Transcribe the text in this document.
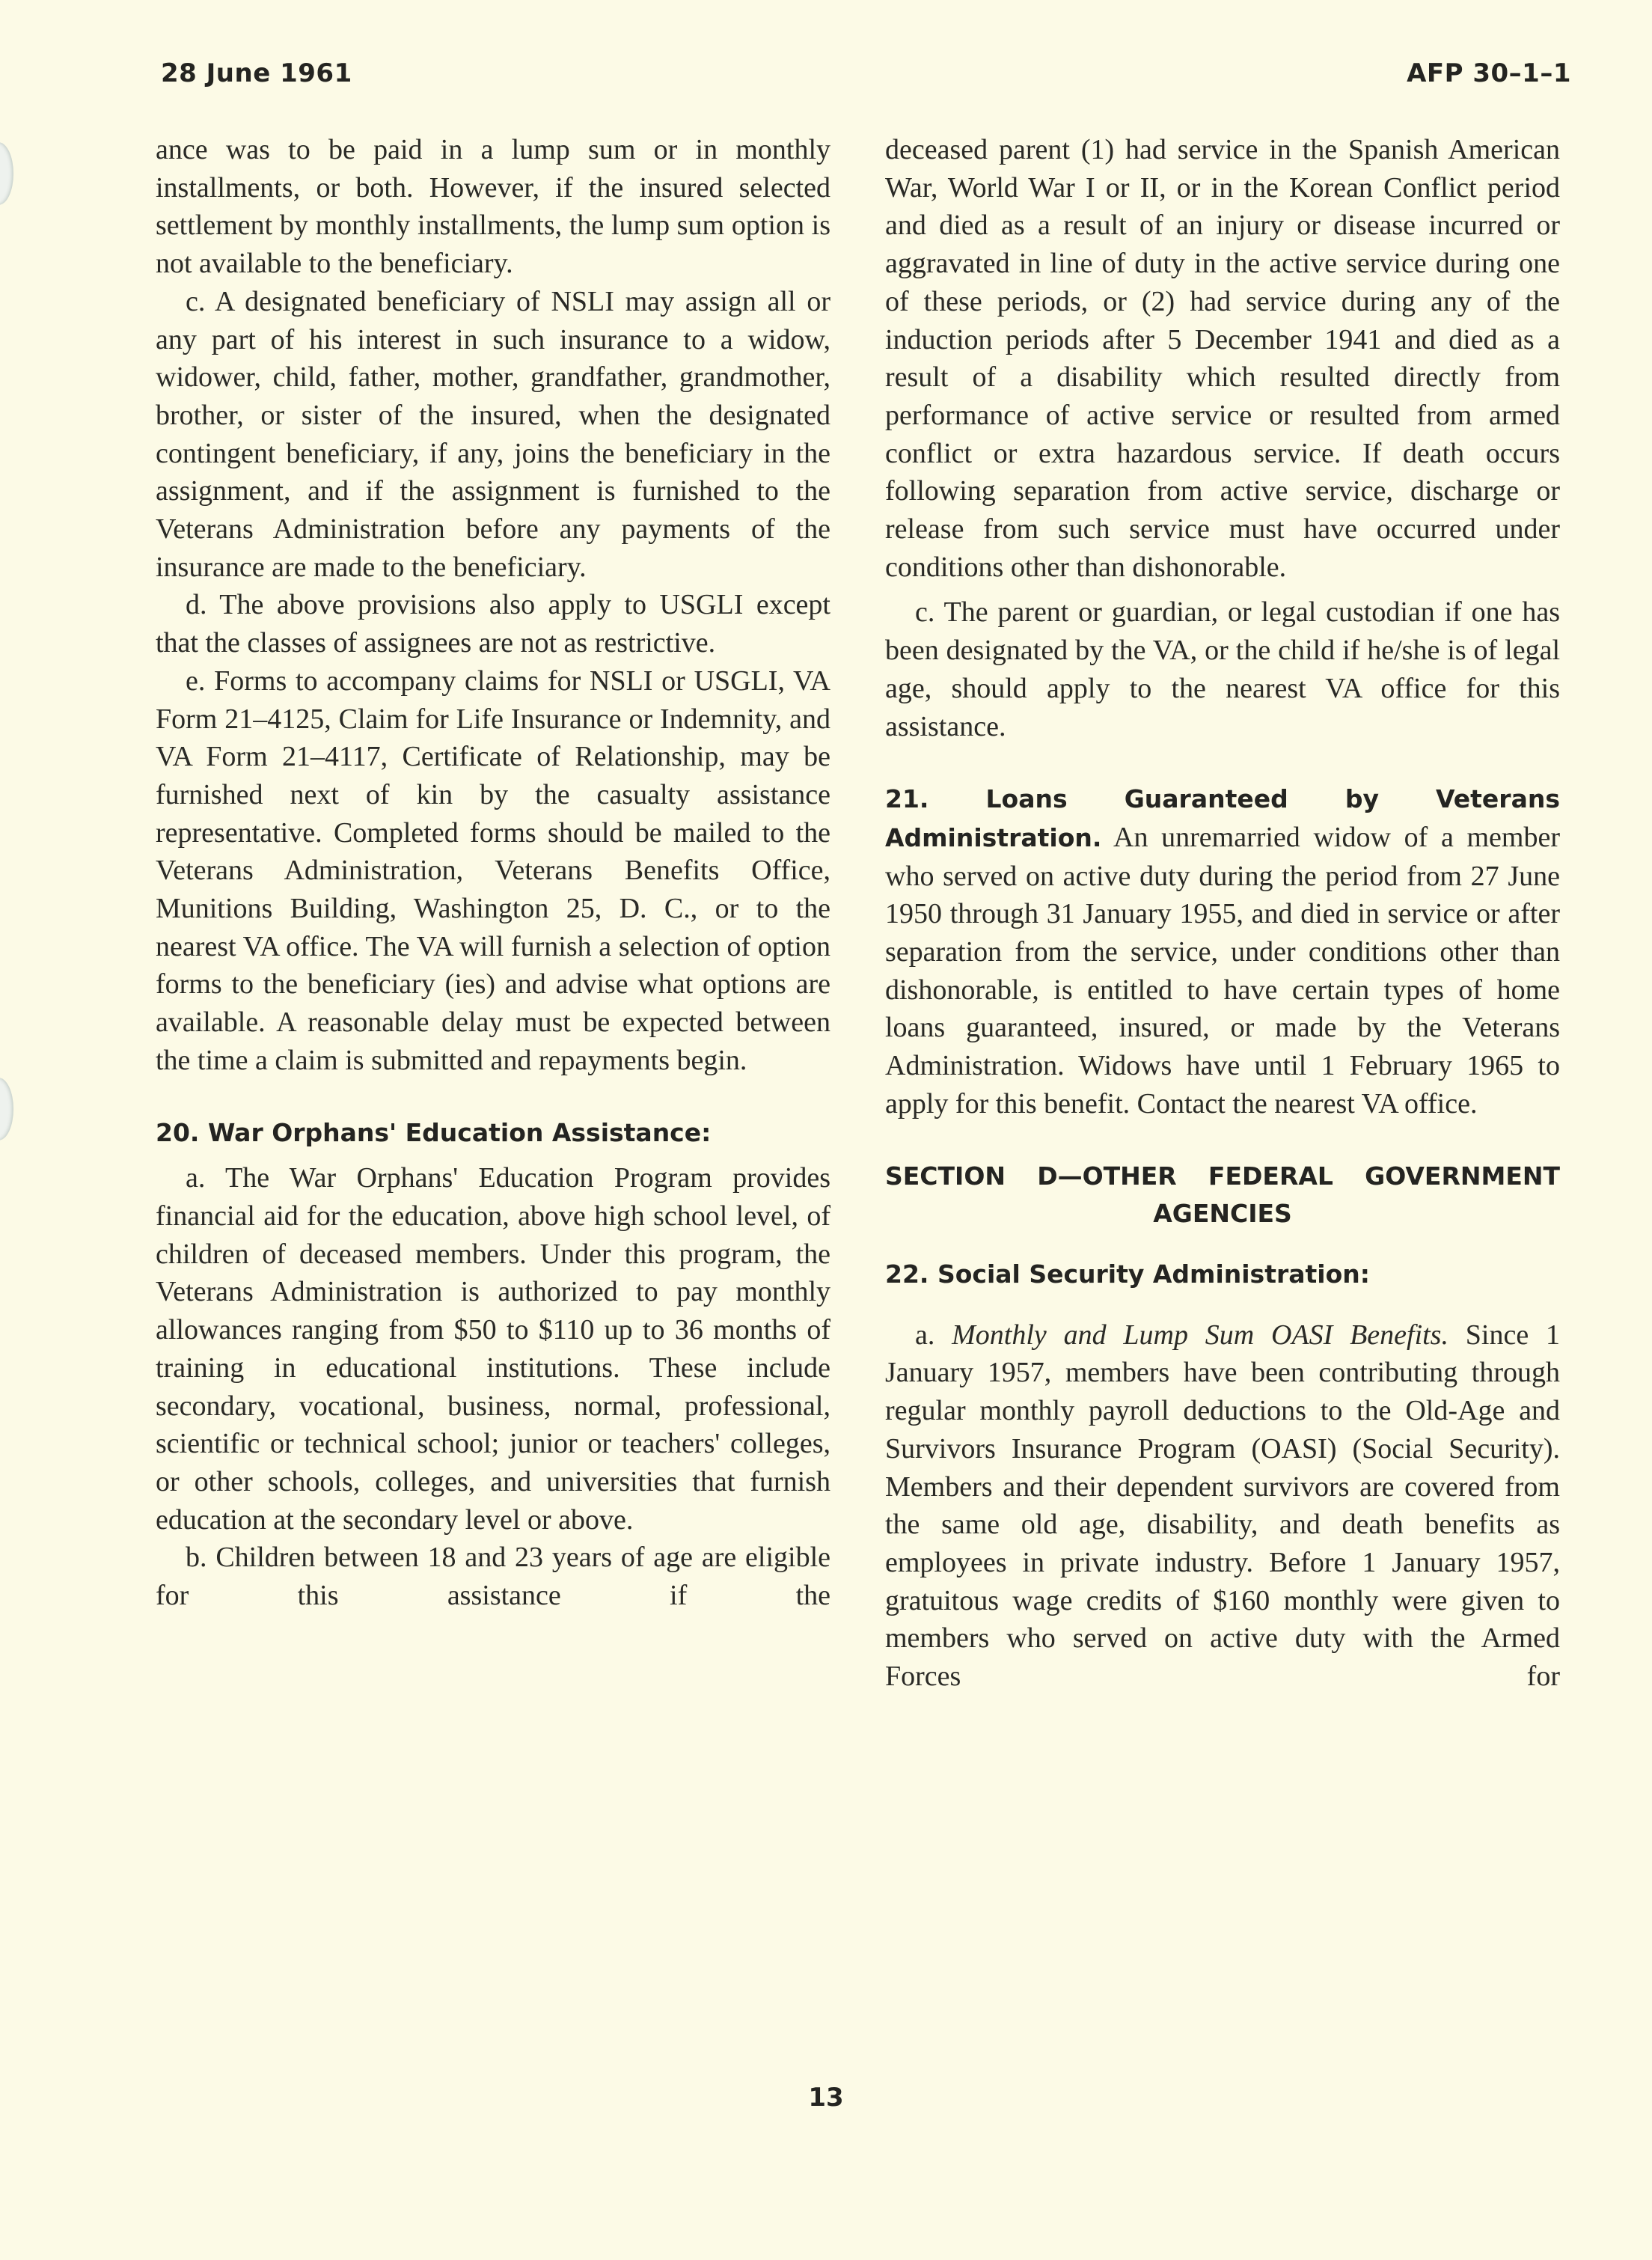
28 June 1961	AFP 30–1–1

ance was to be paid in a lump sum or in monthly installments, or both. However, if the insured selected settlement by monthly installments, the lump sum option is not available to the beneficiary.

c. A designated beneficiary of NSLI may assign all or any part of his interest in such insurance to a widow, widower, child, father, mother, grandfather, grandmother, brother, or sister of the insured, when the designated contingent beneficiary, if any, joins the beneficiary in the assignment, and if the assignment is furnished to the Veterans Administration before any payments of the insurance are made to the beneficiary.

d. The above provisions also apply to USGLI except that the classes of assignees are not as restrictive.

e. Forms to accompany claims for NSLI or USGLI, VA Form 21–4125, Claim for Life Insurance or Indemnity, and VA Form 21–4117, Certificate of Relationship, may be furnished next of kin by the casualty assistance representative. Completed forms should be mailed to the Veterans Administration, Veterans Benefits Office, Munitions Building, Washington 25, D. C., or to the nearest VA office. The VA will furnish a selection of option forms to the beneficiary (ies) and advise what options are available. A reasonable delay must be expected between the time a claim is submitted and repayments begin.

20. War Orphans' Education Assistance:

a. The War Orphans' Education Program provides financial aid for the education, above high school level, of children of deceased members. Under this program, the Veterans Administration is authorized to pay monthly allowances ranging from $50 to $110 up to 36 months of training in educational institutions. These include secondary, vocational, business, normal, professional, scientific or technical school; junior or teachers' colleges, or other schools, colleges, and universities that furnish education at the secondary level or above.

b. Children between 18 and 23 years of age are eligible for this assistance if the

deceased parent (1) had service in the Spanish American War, World War I or II, or in the Korean Conflict period and died as a result of an injury or disease incurred or aggravated in line of duty in the active service during one of these periods, or (2) had service during any of the induction periods after 5 December 1941 and died as a result of a disability which resulted directly from performance of active service or resulted from armed conflict or extra hazardous service. If death occurs following separation from active service, discharge or release from such service must have occurred under conditions other than dishonorable.

c. The parent or guardian, or legal custodian if one has been designated by the VA, or the child if he/she is of legal age, should apply to the nearest VA office for this assistance.

21. Loans Guaranteed by Veterans Administration. An unremarried widow of a member who served on active duty during the period from 27 June 1950 through 31 January 1955, and died in service or after separation from the service, under conditions other than dishonorable, is entitled to have certain types of home loans guaranteed, insured, or made by the Veterans Administration. Widows have until 1 February 1965 to apply for this benefit. Contact the nearest VA office.

SECTION D—OTHER FEDERAL GOVERNMENT

AGENCIES

22. Social Security Administration:

a. Monthly and Lump Sum OASI Benefits. Since 1 January 1957, members have been contributing through regular monthly payroll deductions to the Old-Age and Survivors Insurance Program (OASI) (Social Security). Members and their dependent survivors are covered from the same old age, disability, and death benefits as employees in private industry. Before 1 January 1957, gratuitous wage credits of $160 monthly were given to members who served on active duty with the Armed Forces for

13
